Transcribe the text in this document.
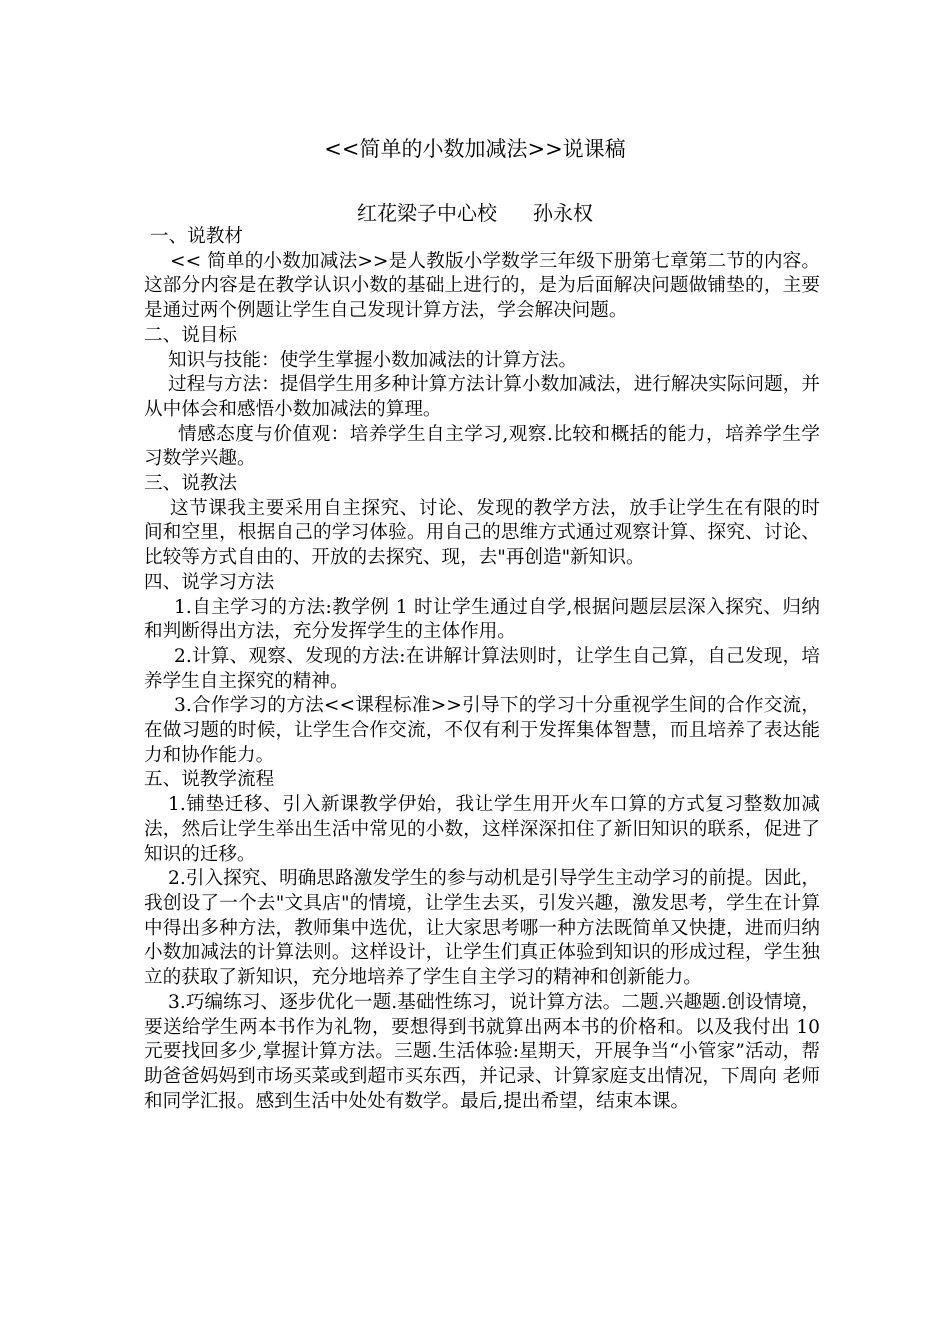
<<简单的小数加减法>>说课稿
红花梁子中心校 孙永权

一、说教材

<< 简单的小数加减法>>是人教版小学数学三年级下册第七章第二节的内容。这部分内容是在教学认识小数的基础上进行的，是为后面解决问题做铺垫的，主要是通过两个例题让学生自己发现计算方法，学会解决问题。

二、说目标

知识与技能：使学生掌握小数加减法的计算方法。

过程与方法：提倡学生用多种计算方法计算小数加减法，进行解决实际问题，并从中体会和感悟小数加减法的算理。

情感态度与价值观：培养学生自主学习,观察.比较和概括的能力，培养学生学习数学兴趣。

三、说教法

这节课我主要采用自主探究、讨论、发现的教学方法，放手让学生在有限的时间和空里，根据自己的学习体验。用自己的思维方式通过观察计算、探究、讨论、比较等方式自由的、开放的去探究、现，去"再创造"新知识。

四、说学习方法

1.自主学习的方法:教学例 1 时让学生通过自学,根据问题层层深入探究、归纳和判断得出方法，充分发挥学生的主体作用。

2.计算、观察、发现的方法:在讲解计算法则时，让学生自己算，自己发现，培养学生自主探究的精神。

3.合作学习的方法<<课程标准>>引导下的学习十分重视学生间的合作交流，在做习题的时候，让学生合作交流，不仅有利于发挥集体智慧，而且培养了表达能力和协作能力。

五、说教学流程

1.铺垫迁移、引入新课教学伊始，我让学生用开火车口算的方式复习整数加减法，然后让学生举出生活中常见的小数，这样深深扣住了新旧知识的联系，促进了知识的迁移。

2.引入探究、明确思路激发学生的参与动机是引导学生主动学习的前提。因此，我创设了一个去"文具店"的情境，让学生去买，引发兴趣，激发思考，学生在计算中得出多种方法，教师集中选优，让大家思考哪一种方法既简单又快捷，进而归纳小数加减法的计算法则。这样设计，让学生们真正体验到知识的形成过程，学生独立的获取了新知识，充分地培养了学生自主学习的精神和创新能力。

3.巧编练习、逐步优化一题.基础性练习，说计算方法。二题.兴趣题.创设情境，要送给学生两本书作为礼物，要想得到书就算出两本书的价格和。以及我付出 10 元要找回多少,掌握计算方法。三题.生活体验:星期天，开展争当“小管家”活动，帮助爸爸妈妈到市场买菜或到超市买东西，并记录、计算家庭支出情况，下周向 老师和同学汇报。感到生活中处处有数学。最后,提出希望，结束本课。
